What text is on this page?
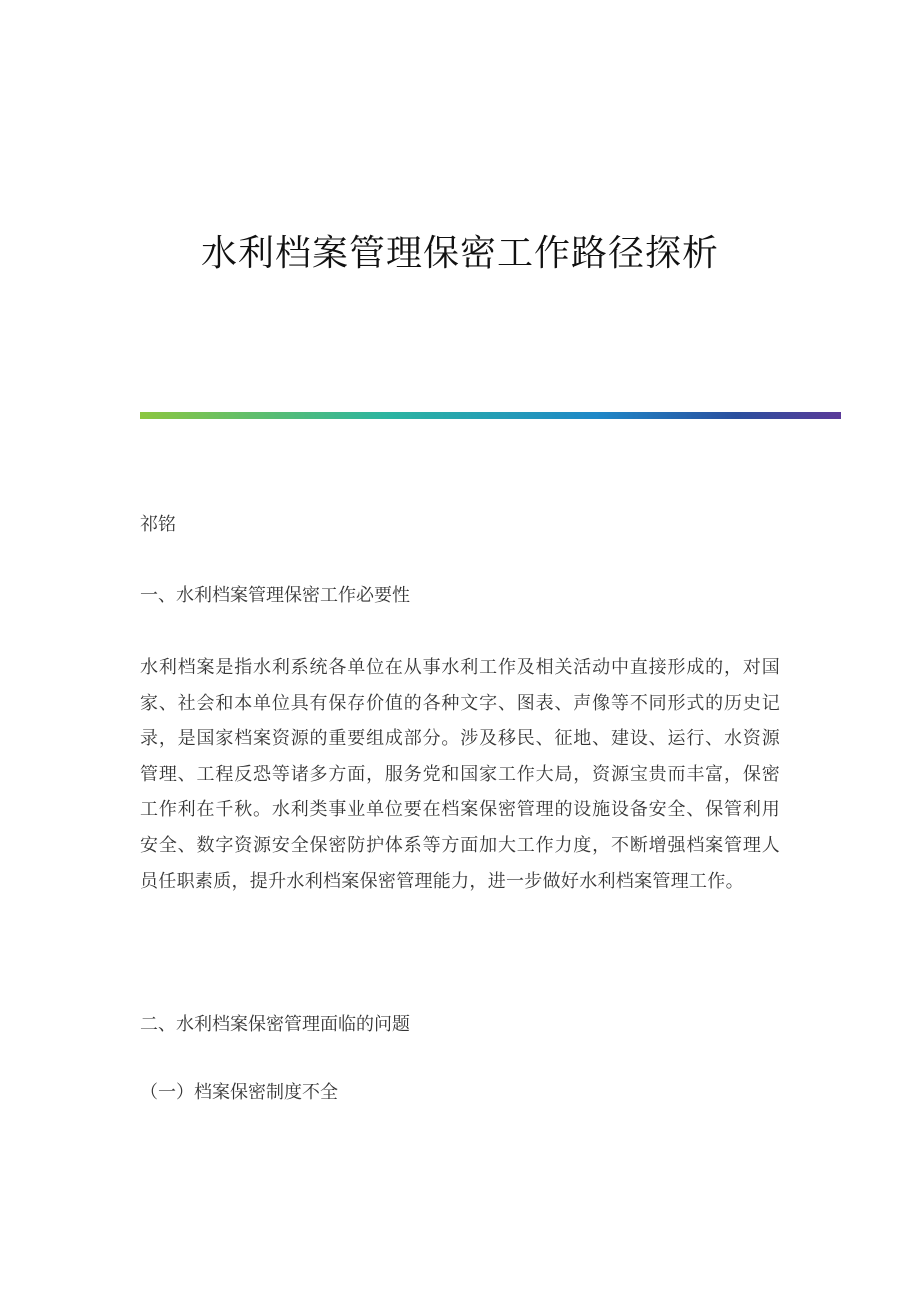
水利档案管理保密工作路径探析
祁铭
一、水利档案管理保密工作必要性

水利档案是指水利系统各单位在从事水利工作及相关活动中直接形成的，对国家、社会和本单位具有保存价值的各种文字、图表、声像等不同形式的历史记录，是国家档案资源的重要组成部分。涉及移民、征地、建设、运行、水资源管理、工程反恐等诸多方面，服务党和国家工作大局，资源宝贵而丰富，保密工作利在千秋。水利类事业单位要在档案保密管理的设施设备安全、保管利用安全、数字资源安全保密防护体系等方面加大工作力度，不断增强档案管理人员任职素质，提升水利档案保密管理能力，进一步做好水利档案管理工作。

二、水利档案保密管理面临的问题
（一）档案保密制度不全
